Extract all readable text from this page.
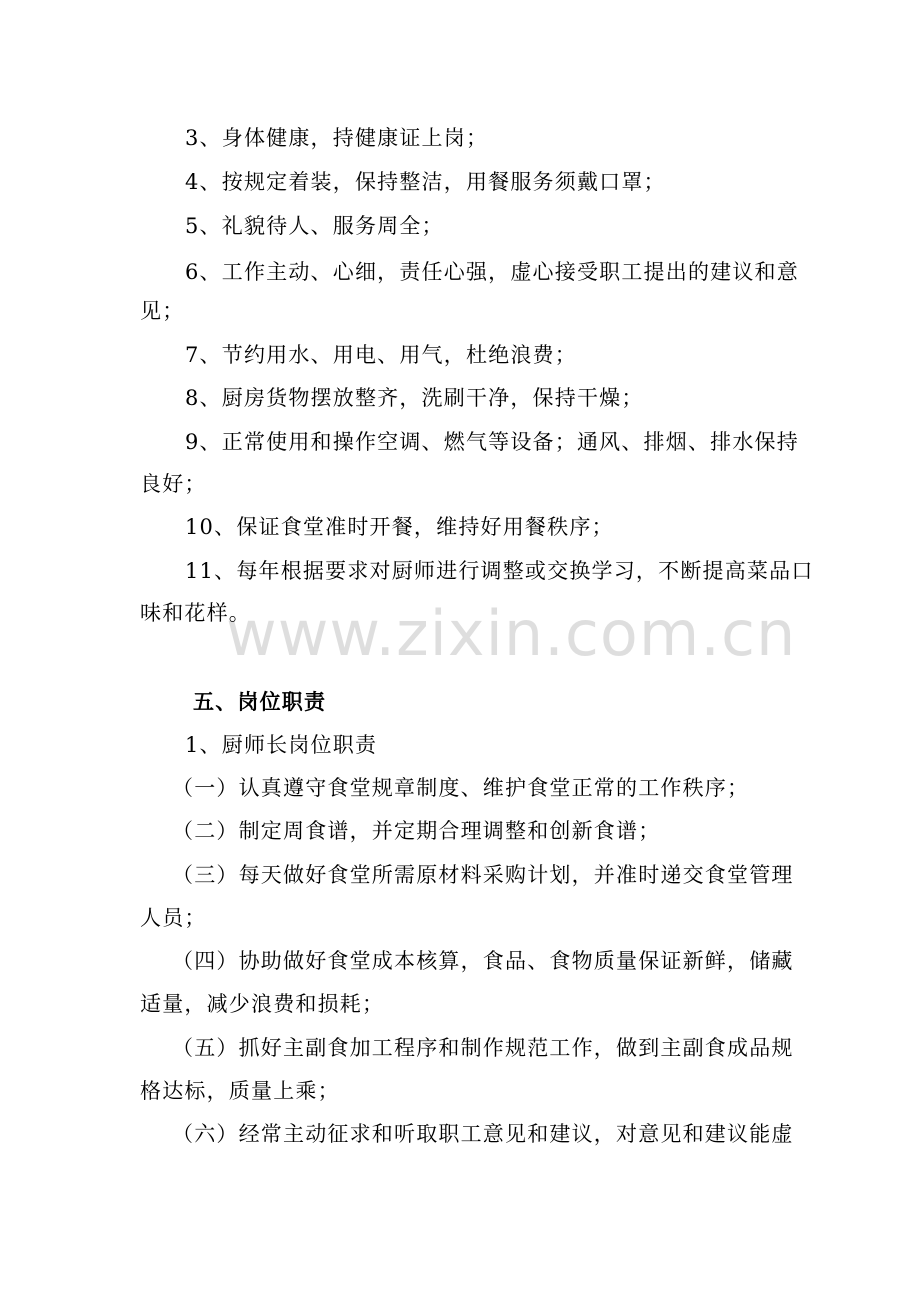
3、身体健康，持健康证上岗；
4、按规定着装，保持整洁，用餐服务须戴口罩；
5、礼貌待人、服务周全；
6、工作主动、心细，责任心强，虚心接受职工提出的建议和意
见；
7、节约用水、用电、用气，杜绝浪费；
8、厨房货物摆放整齐，洗刷干净，保持干燥；
9、正常使用和操作空调、燃气等设备；通风、排烟、排水保持
良好；
10、保证食堂准时开餐，维持好用餐秩序；
11、每年根据要求对厨师进行调整或交换学习，不断提高菜品口
味和花样。
五、岗位职责
1、厨师长岗位职责
（一）认真遵守食堂规章制度、维护食堂正常的工作秩序；
（二）制定周食谱，并定期合理调整和创新食谱；
（三）每天做好食堂所需原材料采购计划，并准时递交食堂管理
人员；
（四）协助做好食堂成本核算，食品、食物质量保证新鲜，储藏
适量，减少浪费和损耗；
（五）抓好主副食加工程序和制作规范工作，做到主副食成品规
格达标，质量上乘；
（六）经常主动征求和听取职工意见和建议，对意见和建议能虚
www.zixin.com.cn
